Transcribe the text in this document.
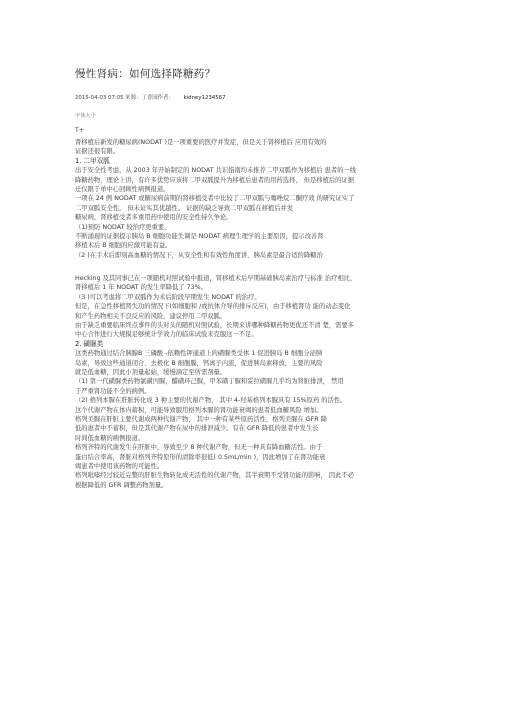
慢性肾病：如何选择降糖药？
2015-04-03 07:05 来源：丁香园作者： kidney1234567
字体大小
T+
肾移植后新发的糖尿病(NODAT )是一项重要的医疗并发症，但是关于肾移植后 应用有效的
证据还很有限。
1. 二甲双胍
出于安全性考虑，从 2003 年开始制定的 NODAT 共识指南均未推荐二甲双胍作为移植后 患者的一线
降糖药物，理论上讲，有许多优势应该将二甲双胍提升为移植后患者的用药选择， 但是移植后的证据
迁仅限于单中心回顾性病例报道。
一项在 24 例 NODAT 或糖尿病前期的肾移植受者中比较了二甲双胍与噻唑烷二酮疗效 的研究证实了
二甲双胍安全性。 但未证实其优越性。 证据的缺乏导致二甲双胍在移植后并发
糖尿病，肾移植受者多重用药中使用的安全性持久争论。
（1)预防 NODAT 较治疗更重要。
不断涌现的证据提示胰岛 B 细胞功能失调是 NODAT 病理生理学的主要原因，提示改善肾
移植术后 B 细胞的应激可能有益。
（2 )在手术后即刻高血糖的情况下，从安全性和有效性角度讲，胰岛素是最合适的降糖治
Hecking 及其同事已在一项随机对照试验中报道，肾移植术后早期基础胰岛素治疗与标准 治疗相比，
肾移植后 1 年 NODAT 的发生率降低了 73%。
（3 )可以考虑将二甲双胍作为术后阶段早期发生 NODAT 的治疗。
但是，在急性移植肾失功的情况下(如细胞和 /或抗体介导的排斥反应)，由于移植肾功 能的动态变化
和产生药物相关不良反应的风险，建议停用二甲双胍。
由于缺乏重要临床终点事件的头对头的随机对照试验，长期来讲哪种降糖药物更优还不清 楚，需要多
中心合作进行大规模足够统计学效力的临床试验来克服这一不足。
2. 磺脲类
这类药物通过结合胰腺B 三磷酸 -依赖性钾通道上的磺脲类受体 1 促进胰岛 B 细胞分泌胰
岛素，导致这些通道闭合、去极化 B 细胞膜，钙离子内流，促进胰岛素释放，主要的风险
就是低血糖，因此小剂量起始，缓慢滴定至所需剂量。
（1) 第一代磺脲类药物氯磺丙脲，醋磺环己脲，甲苯磺丁脲和妥拉磺脲几乎均为肾脏排泄， 禁用
于严重肾功能不全的病例。
（2) 格列本脲在肝脏转化成 3 种主要的代谢产物， 其中 4-羟基格列本脲具有 15%原药 的活性。
这个代谢产物在体内蓄积，可能导致服用格列本脲的肾功能衰竭的患者低血糖风险 增加。
格列美脲在肝脏主要代谢成两种代谢产物， 其中一种有某些原药活性，格列美脲在 GFR 降
低的患者中不蓄积，但是其代谢产物在尿中的排泄减少。有在 GFR 降低的患者中发生长
时间低血糖的病例报道。
格列齐特的代谢发生在肝脏中，导致至少 8 种代谢产物，但无一种具有降血糖活性。由于
蛋白结合率高，肾脏对格列齐特原形的清除率很低( 0.5mL/min )，因此增加了在肾功能衰
竭患者中使用该药物的可能性。
格列吡嗪经过较近完整的肝脏生物转化成无活性的代谢产物，其半衰期不受肾功能的影响， 因此不必
根据降低的 GFR 调整药物剂量。
